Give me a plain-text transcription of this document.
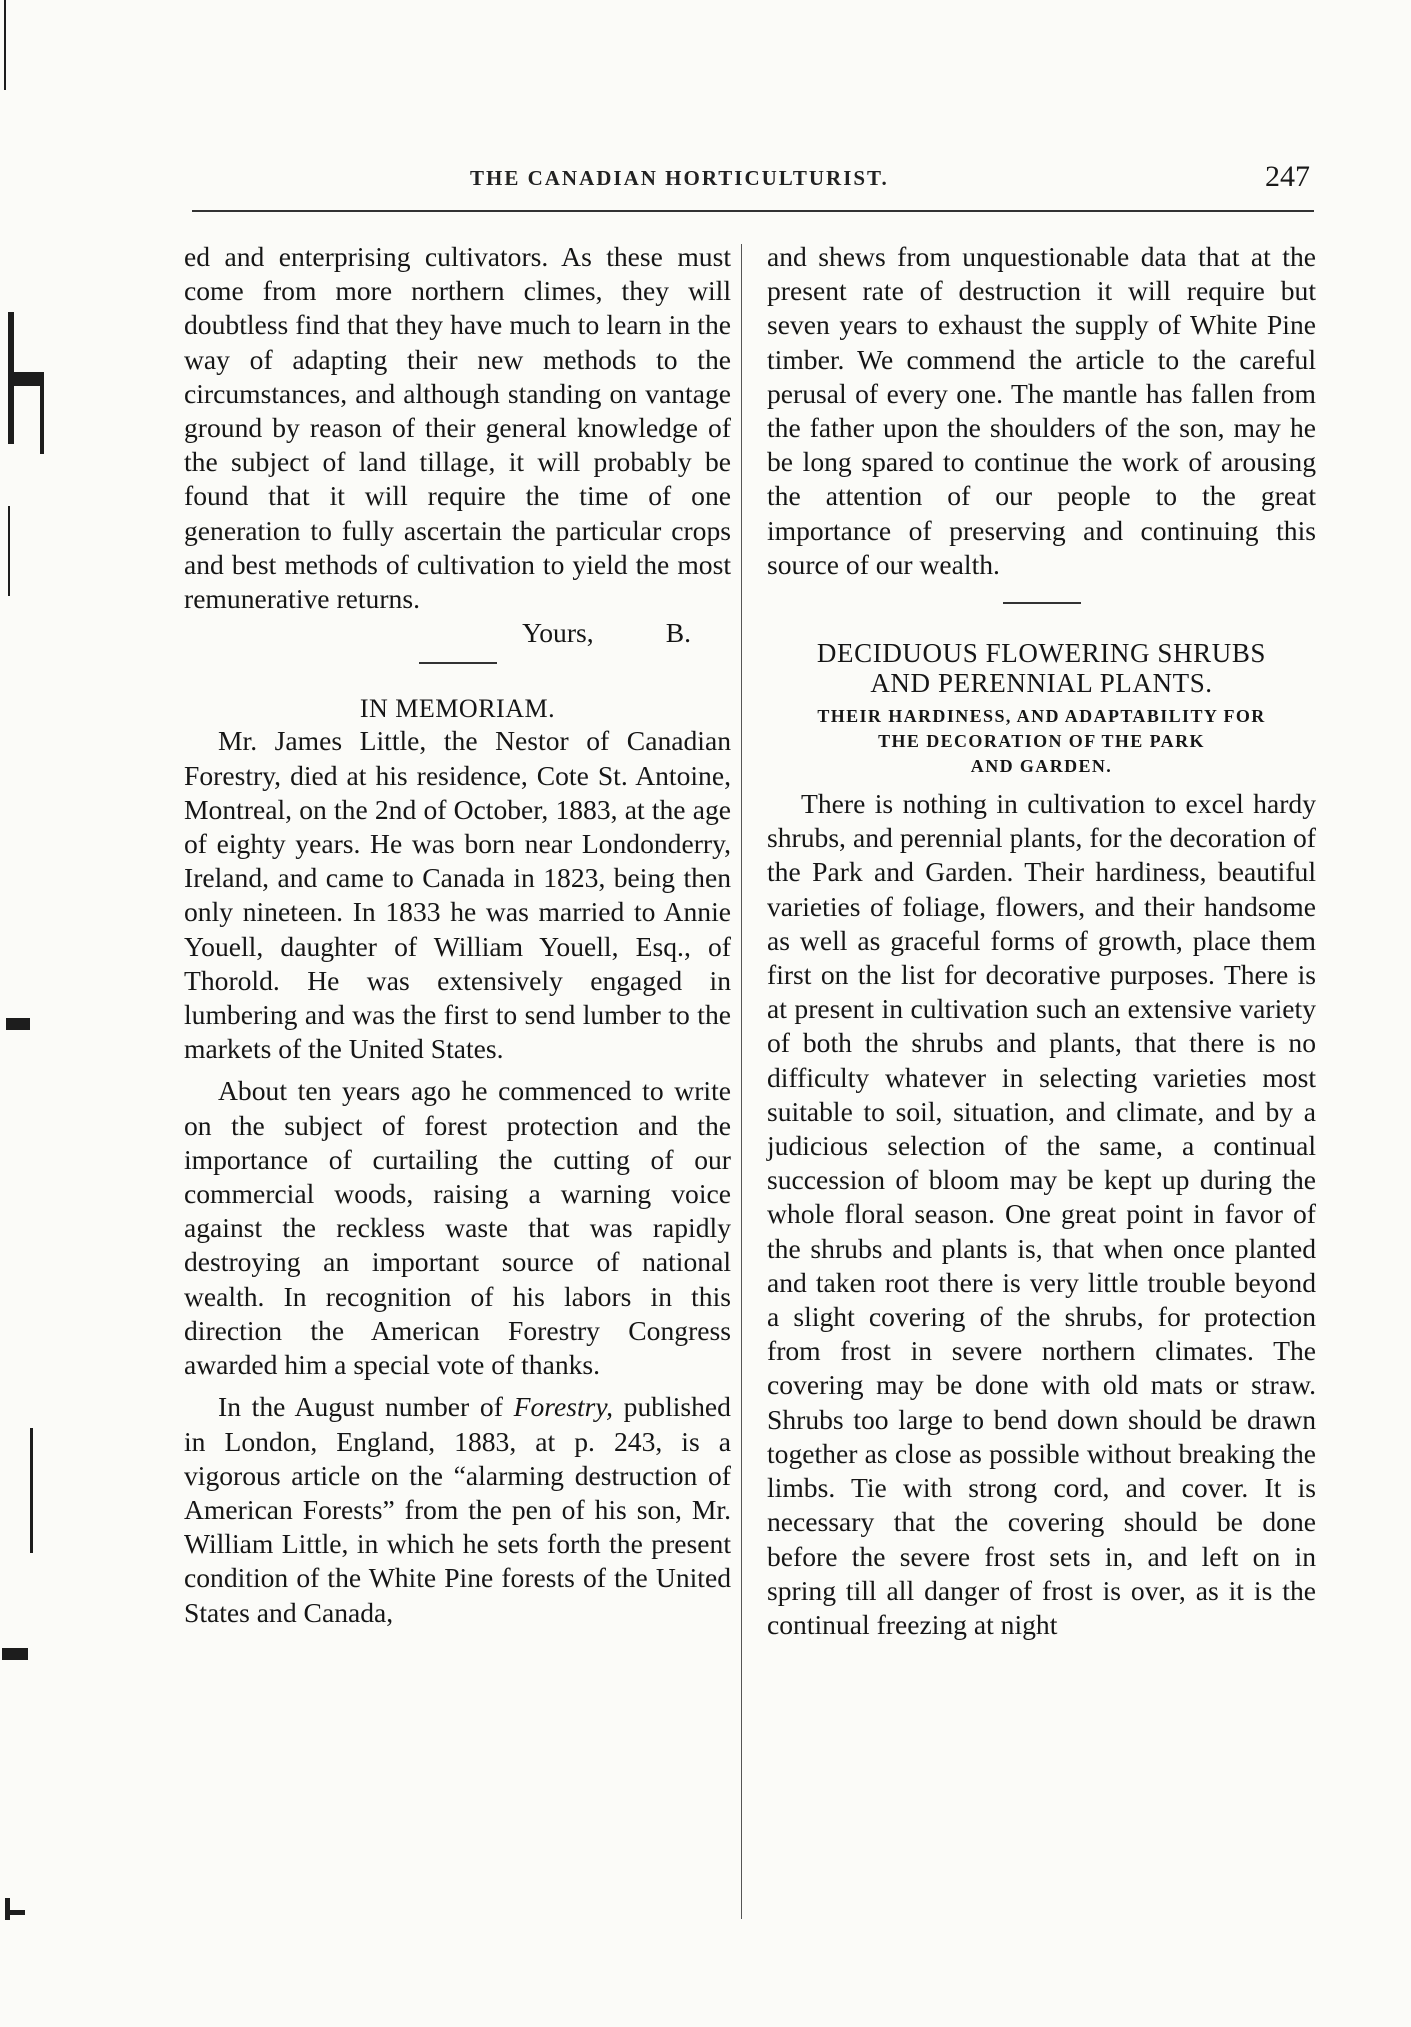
THE CANADIAN HORTICULTURIST.	247

ed and enterprising cultivators. As these must come from more northern climes, they will doubtless find that they have much to learn in the way of adapting their new methods to the circumstances, and although standing on vantage ground by reason of their general knowledge of the subject of land tillage, it will probably be found that it will require the time of one generation to fully ascertain the particular crops and best methods of cultivation to yield the most remunerative returns.

Yours,	B.

IN MEMORIAM.

Mr. James Little, the Nestor of Canadian Forestry, died at his residence, Cote St. Antoine, Montreal, on the 2nd of October, 1883, at the age of eighty years. He was born near Londonderry, Ireland, and came to Canada in 1823, being then only nineteen. In 1833 he was married to Annie Youell, daughter of William Youell, Esq., of Thorold. He was extensively engaged in lumbering and was the first to send lumber to the markets of the United States.

About ten years ago he commenced to write on the subject of forest protection and the importance of curtailing the cutting of our commercial woods, raising a warning voice against the reckless waste that was rapidly destroying an important source of national wealth. In recognition of his labors in this direction the American Forestry Congress awarded him a special vote of thanks.

In the August number of Forestry, published in London, England, 1883, at p. 243, is a vigorous article on the “alarming destruction of American Forests” from the pen of his son, Mr. William Little, in which he sets forth the present condition of the White Pine forests of the United States and Canada,

and shews from unquestionable data that at the present rate of destruction it will require but seven years to exhaust the supply of White Pine timber. We commend the article to the careful perusal of every one. The mantle has fallen from the father upon the shoulders of the son, may he be long spared to continue the work of arousing the attention of our people to the great importance of preserving and continuing this source of our wealth.

DECIDUOUS FLOWERING SHRUBS

AND PERENNIAL PLANTS.

THEIR HARDINESS, AND ADAPTABILITY FOR
THE DECORATION OF THE PARK
AND GARDEN.

There is nothing in cultivation to excel hardy shrubs, and perennial plants, for the decoration of the Park and Garden. Their hardiness, beautiful varieties of foliage, flowers, and their handsome as well as graceful forms of growth, place them first on the list for decorative purposes. There is at present in cultivation such an extensive variety of both the shrubs and plants, that there is no difficulty whatever in selecting varieties most suitable to soil, situation, and climate, and by a judicious selection of the same, a continual succession of bloom may be kept up during the whole floral season. One great point in favor of the shrubs and plants is, that when once planted and taken root there is very little trouble beyond a slight covering of the shrubs, for protection from frost in severe northern climates. The covering may be done with old mats or straw. Shrubs too large to bend down should be drawn together as close as possible without breaking the limbs. Tie with strong cord, and cover. It is necessary that the covering should be done before the severe frost sets in, and left on in spring till all danger of frost is over, as it is the continual freezing at night
